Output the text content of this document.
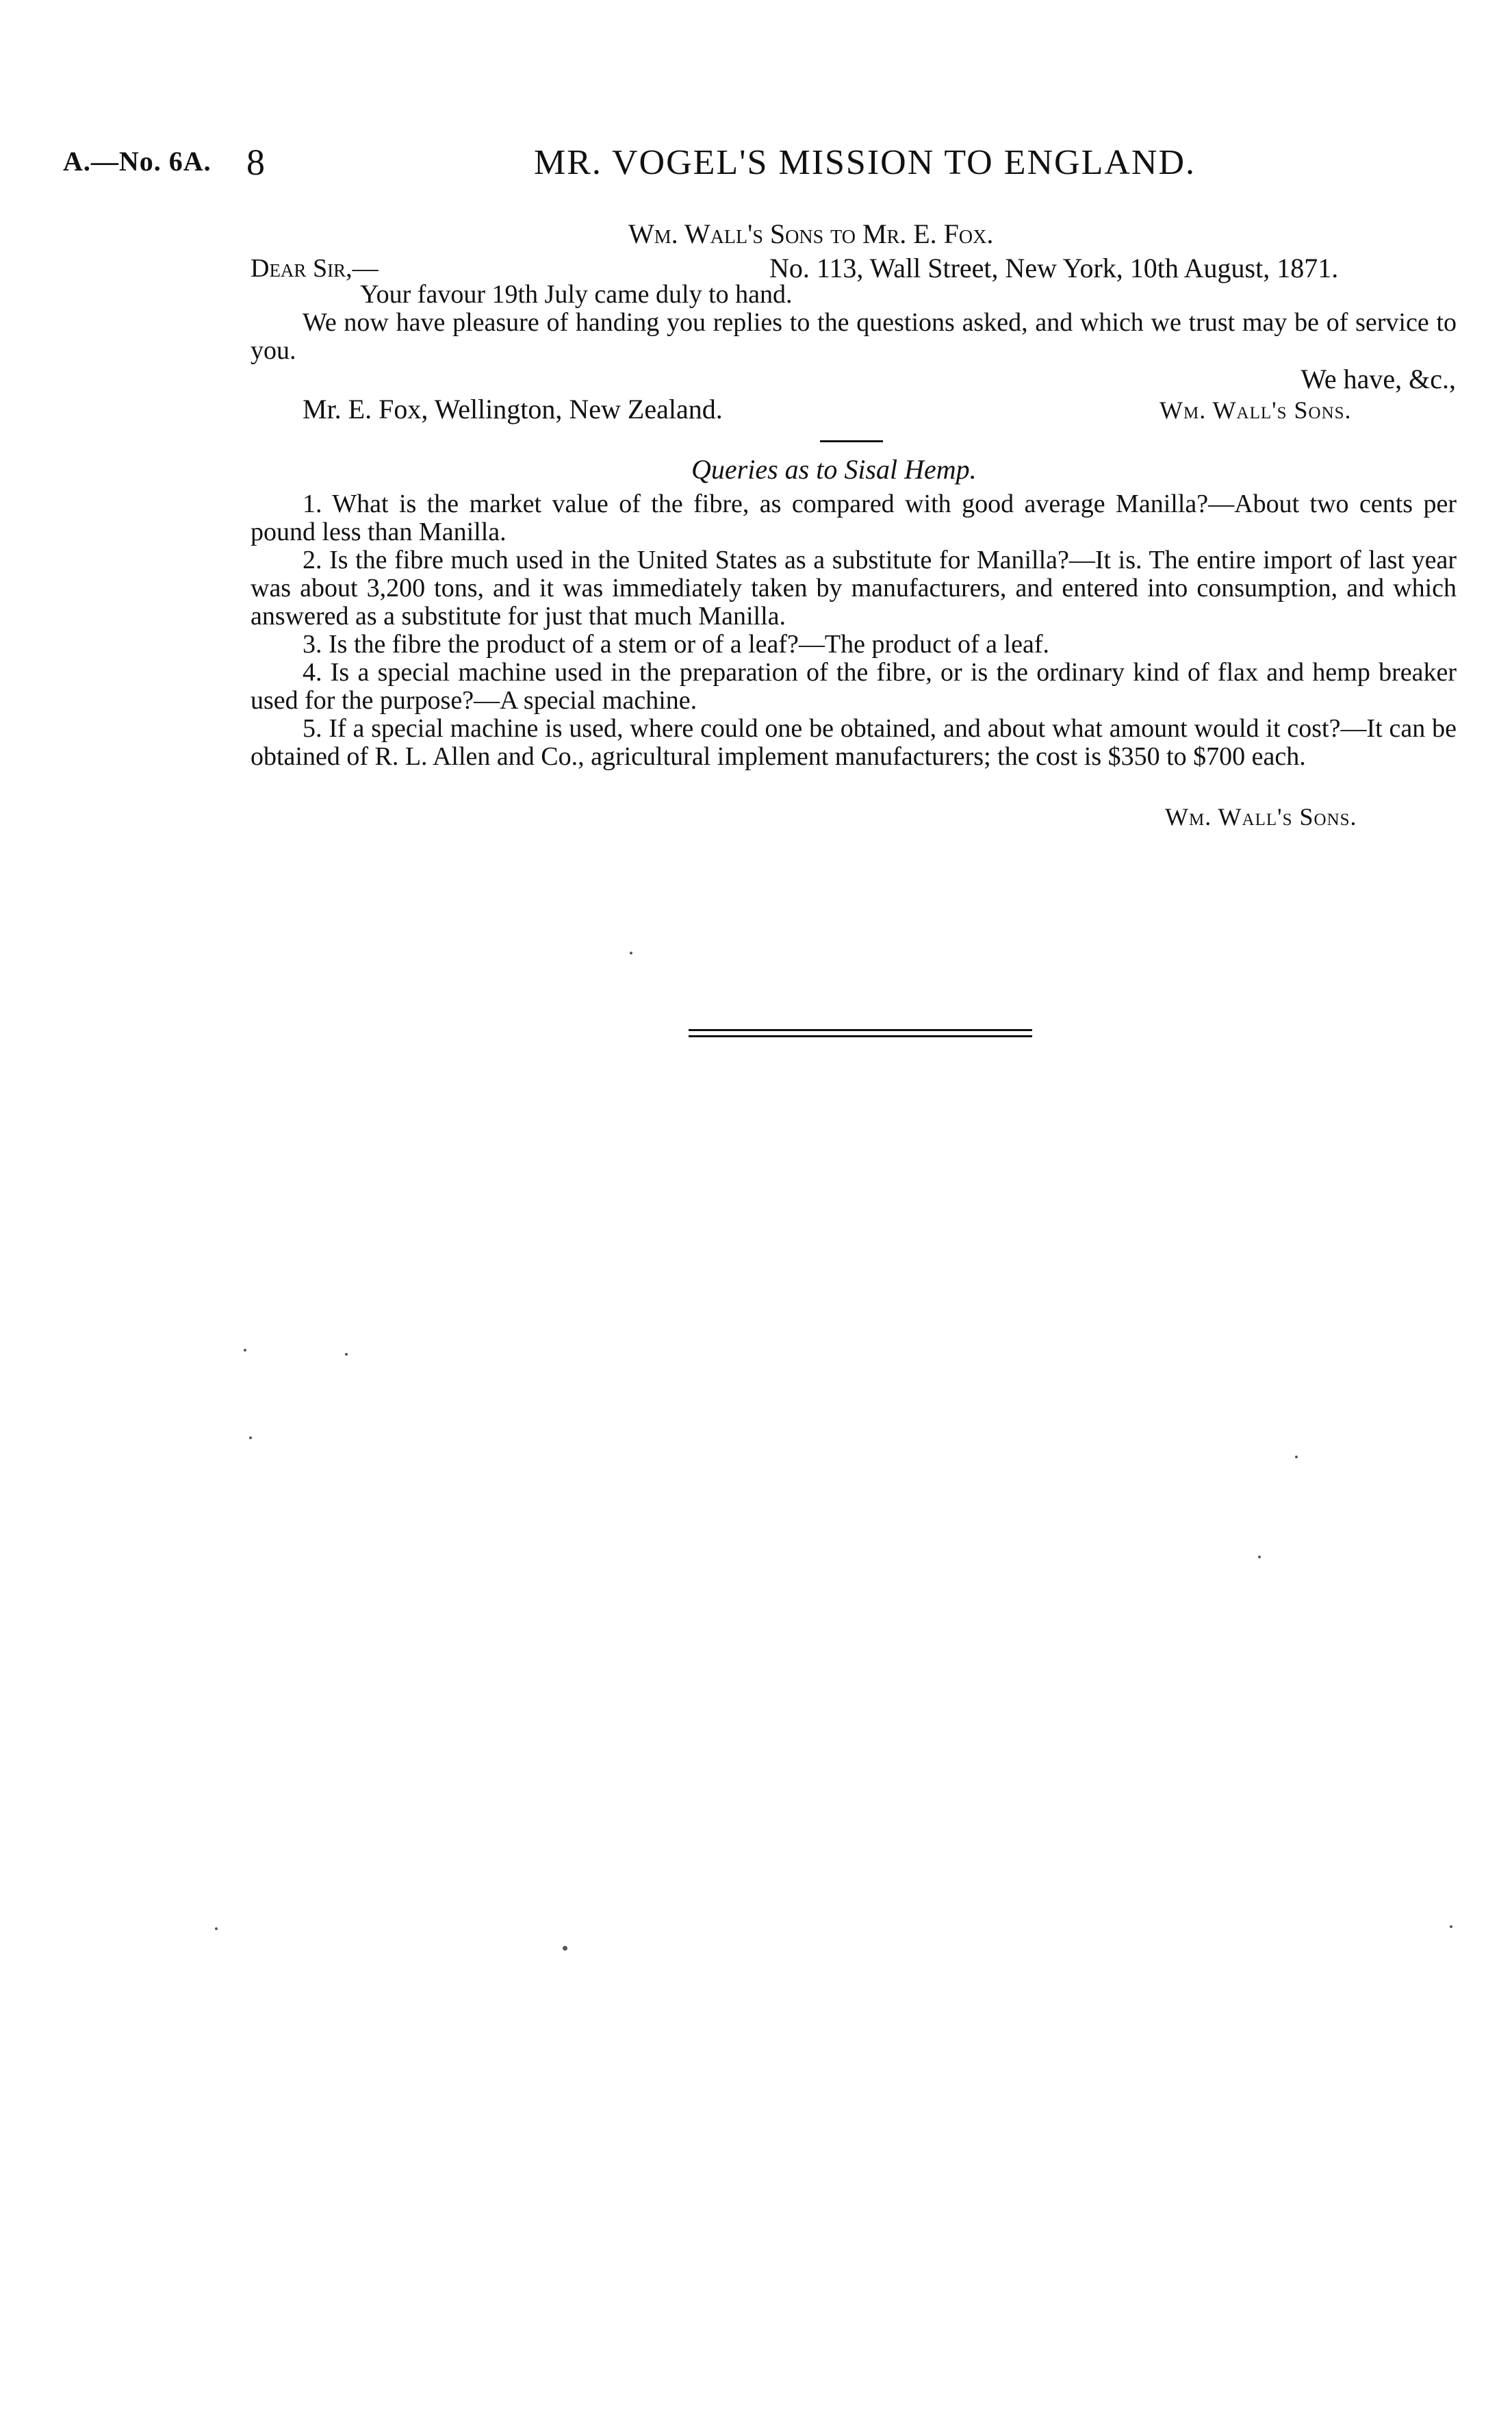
A.—No. 6A. 8	MR. VOGEL'S MISSION TO ENGLAND.
Wm. Wall's Sons to Mr. E. Fox.
Dear Sir,—	No. 113, Wall Street, New York, 10th August, 1871.

Your favour 19th July came duly to hand.

We now have pleasure of handing you replies to the questions asked, and which we trust may be of service to you.

We have, &c.,
Mr. E. Fox, Wellington, New Zealand.	Wm. Wall's Sons.
Queries as to Sisal Hemp.

1. What is the market value of the fibre, as compared with good average Manilla?—About two cents per pound less than Manilla.

2. Is the fibre much used in the United States as a substitute for Manilla?—It is. The entire import of last year was about 3,200 tons, and it was immediately taken by manufacturers, and entered into consumption, and which answered as a substitute for just that much Manilla.

3. Is the fibre the product of a stem or of a leaf?—The product of a leaf.

4. Is a special machine used in the preparation of the fibre, or is the ordinary kind of flax and hemp breaker used for the purpose?—A special machine.

5. If a special machine is used, where could one be obtained, and about what amount would it cost?—It can be obtained of R. L. Allen and Co., agricultural implement manufacturers; the cost is $350 to $700 each.

Wm. Wall's Sons.
